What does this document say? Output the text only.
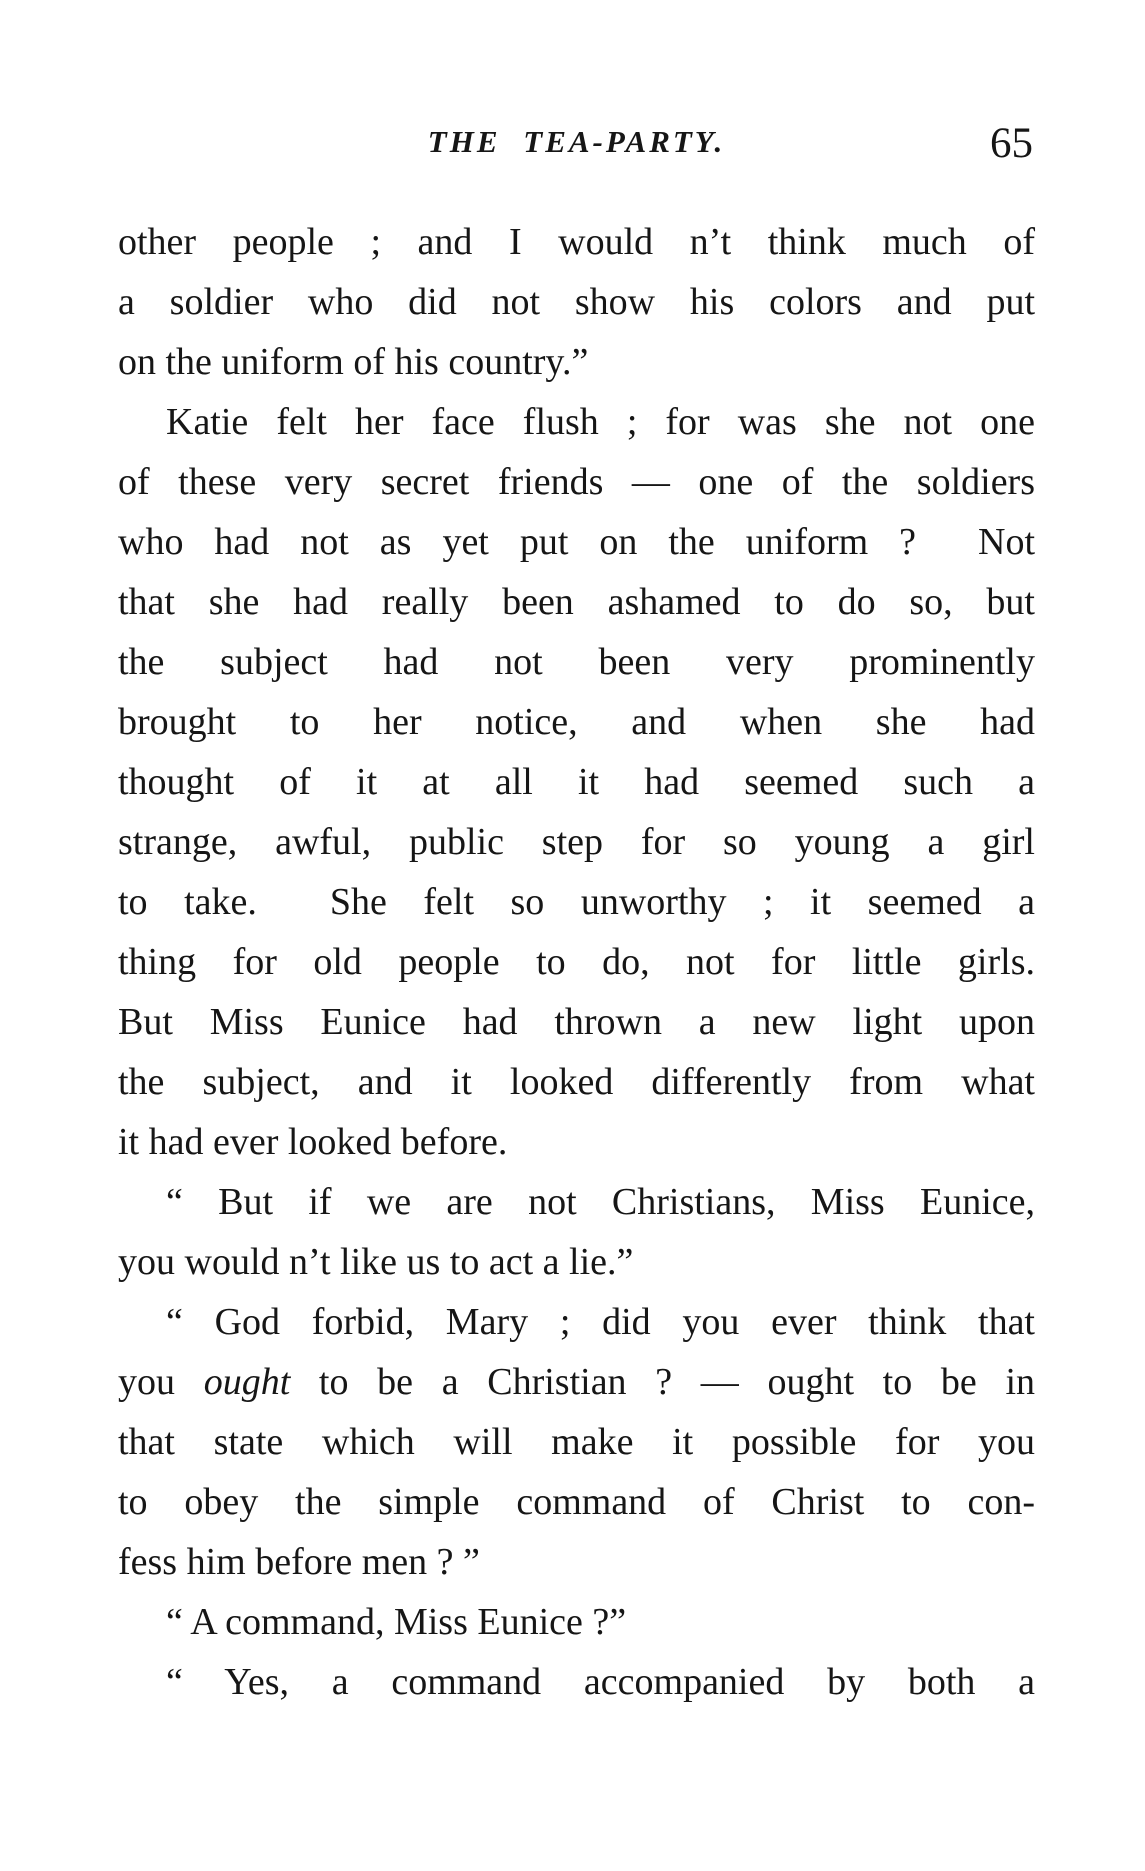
THE TEA-PARTY.	65
other people ; and I would n’t think much of
a soldier who did not show his colors and put
on the uniform of his country.”
Katie felt her face flush ; for was she not one
of these very secret friends — one of the soldiers
who had not as yet put on the uniform ?  Not
that she had really been ashamed to do so, but
the subject had not been very prominently
brought to her notice, and when she had
thought of it at all it had seemed such a
strange, awful, public step for so young a girl
to take.  She felt so unworthy ; it seemed a
thing for old people to do, not for little girls.
But Miss Eunice had thrown a new light upon
the subject, and it looked differently from what
it had ever looked before.
“ But if we are not Christians, Miss Eunice,
you would n’t like us to act a lie.”
“ God forbid, Mary ; did you ever think that
you ought to be a Christian ? — ought to be in
that state which will make it possible for you
to obey the simple command of Christ to con-
fess him before men ? ”
“ A command, Miss Eunice ?”
“ Yes, a command accompanied by both a
